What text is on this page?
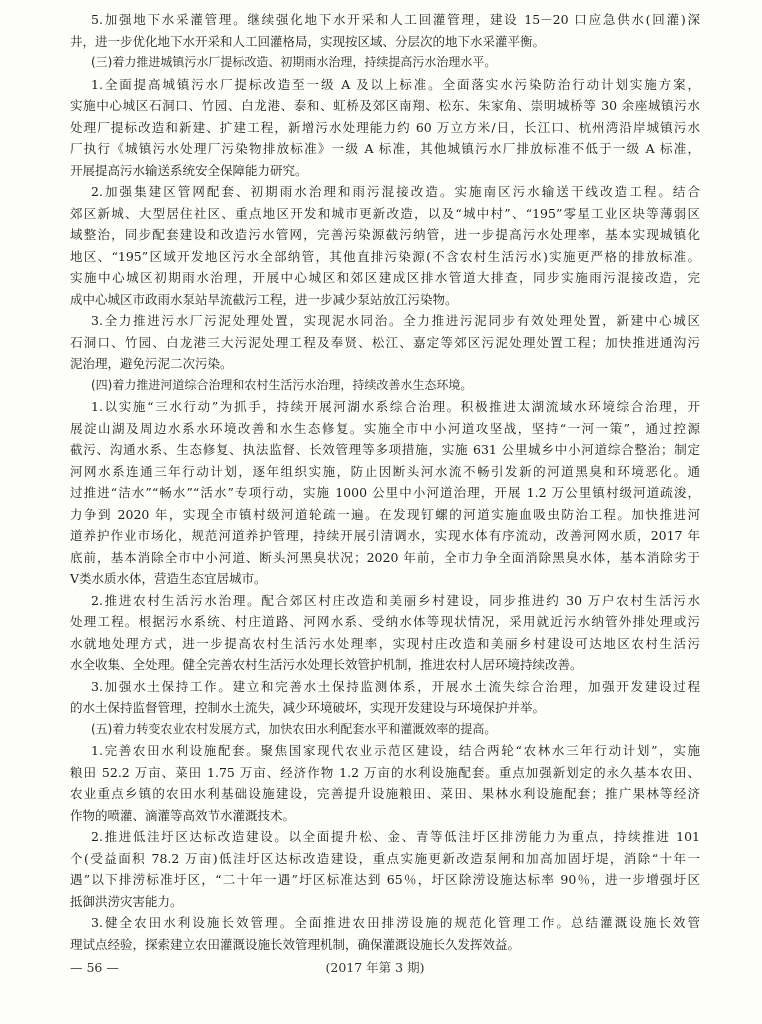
5.加强地下水采灌管理。继续强化地下水开采和人工回灌管理，建设 15－20 口应急供水(回灌)深
井，进一步优化地下水开采和人工回灌格局，实现按区域、分层次的地下水采灌平衡。
(三)着力推进城镇污水厂提标改造、初期雨水治理，持续提高污水治理水平。
1.全面提高城镇污水厂提标改造至一级 A 及以上标准。全面落实水污染防治行动计划实施方案，
实施中心城区石洞口、竹园、白龙港、泰和、虹桥及郊区南翔、松东、朱家角、崇明城桥等 30 余座城镇污水
处理厂提标改造和新建、扩建工程，新增污水处理能力约 60 万立方米/日，长江口、杭州湾沿岸城镇污水
厂执行《城镇污水处理厂污染物排放标准》一级 A 标准，其他城镇污水厂排放标准不低于一级 A 标准，
开展提高污水输送系统安全保障能力研究。
2.加强集建区管网配套、初期雨水治理和雨污混接改造。实施南区污水输送干线改造工程。结合
郊区新城、大型居住社区、重点地区开发和城市更新改造，以及“城中村”、“195”零星工业区块等薄弱区
域整治，同步配套建设和改造污水管网，完善污染源截污纳管，进一步提高污水处理率，基本实现城镇化
地区、“195”区域开发地区污水全部纳管，其他直排污染源(不含农村生活污水)实施更严格的排放标准。
实施中心城区初期雨水治理，开展中心城区和郊区建成区排水管道大排查，同步实施雨污混接改造，完
成中心城区市政雨水泵站旱流截污工程，进一步减少泵站放江污染物。
3.全力推进污水厂污泥处理处置，实现泥水同治。全力推进污泥同步有效处理处置，新建中心城区
石洞口、竹园、白龙港三大污泥处理工程及奉贤、松江、嘉定等郊区污泥处理处置工程；加快推进通沟污
泥治理，避免污泥二次污染。
(四)着力推进河道综合治理和农村生活污水治理，持续改善水生态环境。
1.以实施“三水行动”为抓手，持续开展河湖水系综合治理。积极推进太湖流域水环境综合治理，开
展淀山湖及周边水系水环境改善和水生态修复。实施全市中小河道攻坚战，坚持“一河一策”，通过控源
截污、沟通水系、生态修复、执法监督、长效管理等多项措施，实施 631 公里城乡中小河道综合整治；制定
河网水系连通三年行动计划，逐年组织实施，防止因断头河水流不畅引发新的河道黑臭和环境恶化。通
过推进“洁水”“畅水”“活水”专项行动，实施 1000 公里中小河道治理，开展 1.2 万公里镇村级河道疏浚，
力争到 2020 年，实现全市镇村级河道轮疏一遍。在发现钉螺的河道实施血吸虫防治工程。加快推进河
道养护作业市场化，规范河道养护管理，持续开展引清调水，实现水体有序流动，改善河网水质，2017 年
底前，基本消除全市中小河道、断头河黑臭状况；2020 年前，全市力争全面消除黑臭水体，基本消除劣于
Ⅴ类水质水体，营造生态宜居城市。
2.推进农村生活污水治理。配合郊区村庄改造和美丽乡村建设，同步推进约 30 万户农村生活污水
处理工程。根据污水系统、村庄道路、河网水系、受纳水体等现状情况，采用就近污水纳管外排处理或污
水就地处理方式，进一步提高农村生活污水处理率，实现村庄改造和美丽乡村建设可达地区农村生活污
水全收集、全处理。健全完善农村生活污水处理长效管护机制，推进农村人居环境持续改善。
3.加强水土保持工作。建立和完善水土保持监测体系，开展水土流失综合治理，加强开发建设过程
的水土保持监督管理，控制水土流失，减少环境破坏，实现开发建设与环境保护并举。
(五)着力转变农业农村发展方式，加快农田水利配套水平和灌溉效率的提高。
1.完善农田水利设施配套。聚焦国家现代农业示范区建设，结合两轮“农林水三年行动计划”，实施
粮田 52.2 万亩、菜田 1.75 万亩、经济作物 1.2 万亩的水利设施配套。重点加强新划定的永久基本农田、
农业重点乡镇的农田水利基础设施建设，完善提升设施粮田、菜田、果林水利设施配套；推广果林等经济
作物的喷灌、滴灌等高效节水灌溉技术。
2.推进低洼圩区达标改造建设。以全面提升松、金、青等低洼圩区排涝能力为重点，持续推进 101
个(受益面积 78.2 万亩)低洼圩区达标改造建设，重点实施更新改造泵闸和加高加固圩堤，消除“十年一
遇”以下排涝标准圩区，“二十年一遇”圩区标准达到 65％，圩区除涝设施达标率 90％，进一步增强圩区
抵御洪涝灾害能力。
3.健全农田水利设施长效管理。全面推进农田排涝设施的规范化管理工作。总结灌溉设施长效管
理试点经验，探索建立农田灌溉设施长效管理机制，确保灌溉设施长久发挥效益。
— 56 —	(2017 年第 3 期)
